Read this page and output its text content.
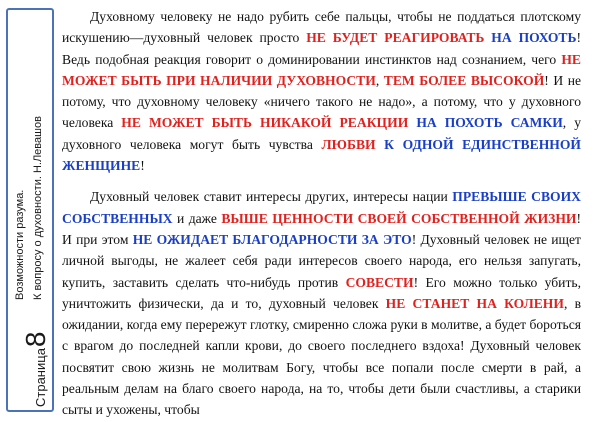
Страница
8
Возможности разума. К вопросу о духовности. Н.Левашов

Духовному человеку не надо рубить себе пальцы, чтобы не поддаться плотскому искушению—духовный человек просто НЕ БУДЕТ РЕАГИРОВАТЬ НА ПОХОТЬ! Ведь подобная реакция говорит о доминировании инстинктов над сознанием, чего НЕ МОЖЕТ БЫТЬ ПРИ НАЛИЧИИ ДУХОВНОСТИ, ТЕМ БОЛЕЕ ВЫСОКОЙ! И не потому, что духовному человеку «ничего такого не надо», а потому, что у духовного человека НЕ МОЖЕТ БЫТЬ НИКАКОЙ РЕАКЦИИ НА ПОХОТЬ САМКИ, у духовного человека могут быть чувства ЛЮБВИ К ОДНОЙ ЕДИНСТВЕННОЙ ЖЕНЩИНЕ!

Духовный человек ставит интересы других, интересы нации ПРЕВЫШЕ СВОИХ СОБСТВЕННЫХ и даже ВЫШЕ ЦЕННОСТИ СВОЕЙ СОБСТВЕННОЙ ЖИЗНИ! И при этом НЕ ОЖИДАЕТ БЛАГОДАРНОСТИ ЗА ЭТО! Духовный человек не ищет личной выгоды, не жалеет себя ради интересов своего народа, его нельзя запугать, купить, заставить сделать что-нибудь против СОВЕСТИ! Его можно только убить, уничтожить физически, да и то, духовный человек НЕ СТАНЕТ НА КОЛЕНИ, в ожидании, когда ему перережут глотку, смиренно сложа руки в молитве, а будет бороться с врагом до последней капли крови, до своего последнего вздоха! Духовный человек посвятит свою жизнь не молитвам Богу, чтобы все попали после смерти в рай, а реальным делам на благо своего народа, на то, чтобы дети были счастливы, а старики сыты и ухожены, чтобы
